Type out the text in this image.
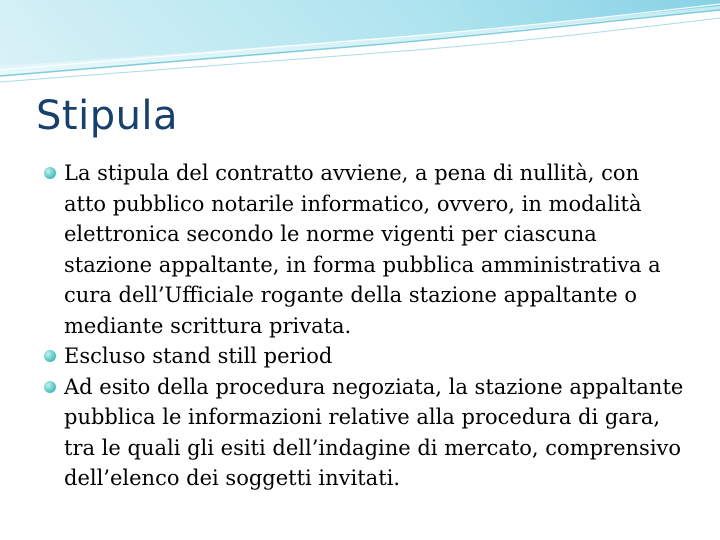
Stipula
La stipula del contratto avviene, a pena di nullità, con atto pubblico notarile informatico, ovvero, in modalità elettronica secondo le norme vigenti per ciascuna stazione appaltante, in forma pubblica amministrativa a cura dell’Ufficiale rogante della stazione appaltante o mediante scrittura privata.
Escluso stand still period
Ad esito della procedura negoziata, la stazione appaltante pubblica le informazioni relative alla procedura di gara, tra le quali gli esiti dell’indagine di mercato, comprensivo dell’elenco dei soggetti invitati.
